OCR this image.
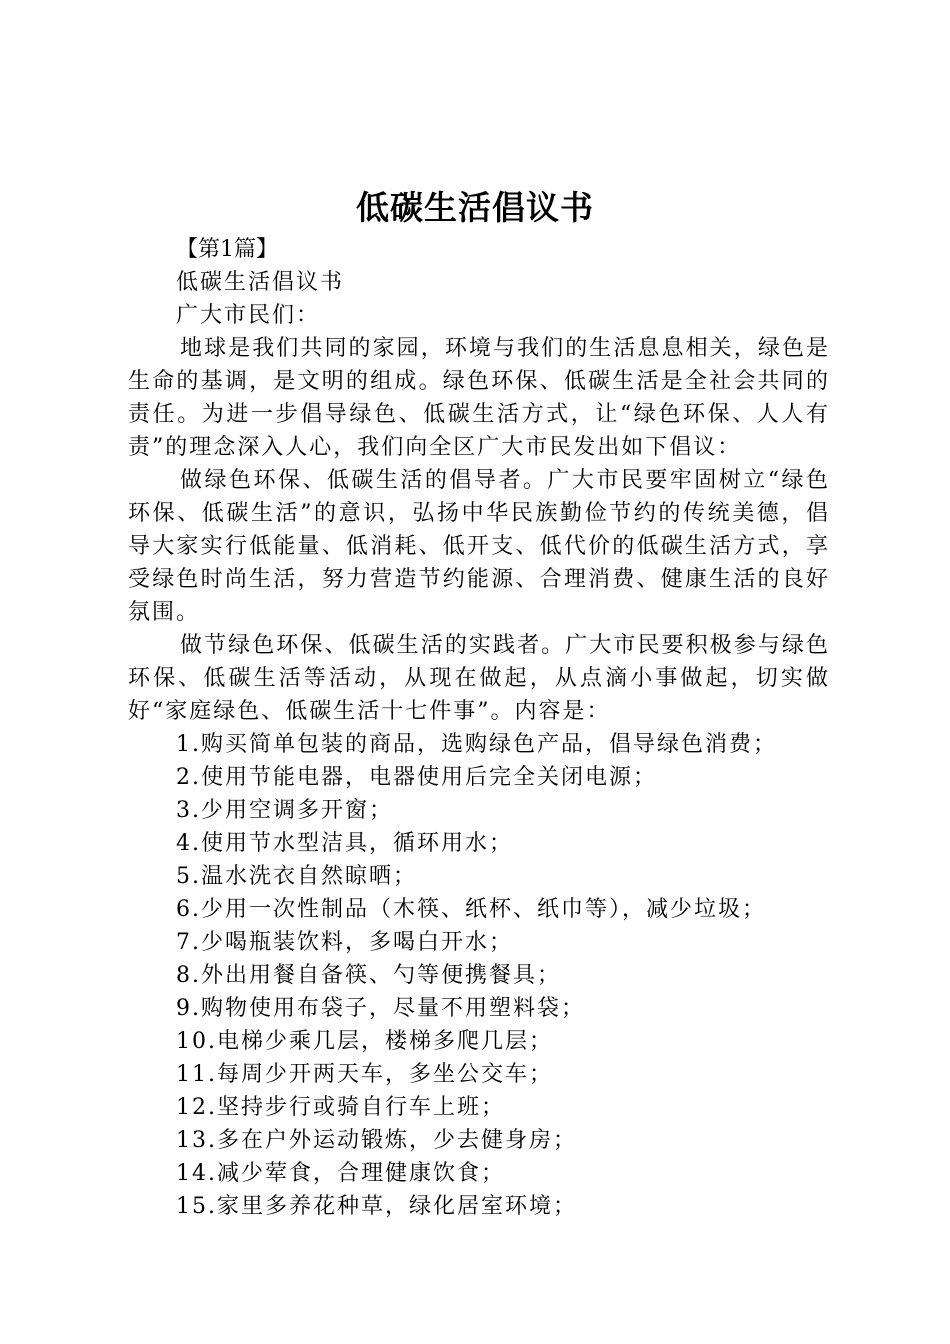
低碳生活倡议书
【第1篇】
低碳生活倡议书
广大市民们：
地球是我们共同的家园，环境与我们的生活息息相关，绿色是生命的基调，是文明的组成。绿色环保、低碳生活是全社会共同的责任。为进一步倡导绿色、低碳生活方式，让“绿色环保、人人有责”的理念深入人心，我们向全区广大市民发出如下倡议：
做绿色环保、低碳生活的倡导者。广大市民要牢固树立“绿色环保、低碳生活”的意识，弘扬中华民族勤俭节约的传统美德，倡导大家实行低能量、低消耗、低开支、低代价的低碳生活方式，享受绿色时尚生活，努力营造节约能源、合理消费、健康生活的良好氛围。
做节绿色环保、低碳生活的实践者。广大市民要积极参与绿色环保、低碳生活等活动，从现在做起，从点滴小事做起，切实做好“家庭绿色、低碳生活十七件事”。内容是：
1.购买简单包装的商品，选购绿色产品，倡导绿色消费；
2.使用节能电器，电器使用后完全关闭电源；
3.少用空调多开窗；
4.使用节水型洁具，循环用水；
5.温水洗衣自然晾晒；
6.少用一次性制品（木筷、纸杯、纸巾等），减少垃圾；
7.少喝瓶装饮料，多喝白开水；
8.外出用餐自备筷、勺等便携餐具；
9.购物使用布袋子，尽量不用塑料袋；
10.电梯少乘几层，楼梯多爬几层；
11.每周少开两天车，多坐公交车；
12.坚持步行或骑自行车上班；
13.多在户外运动锻炼，少去健身房；
14.减少荤食，合理健康饮食；
15.家里多养花种草，绿化居室环境；
